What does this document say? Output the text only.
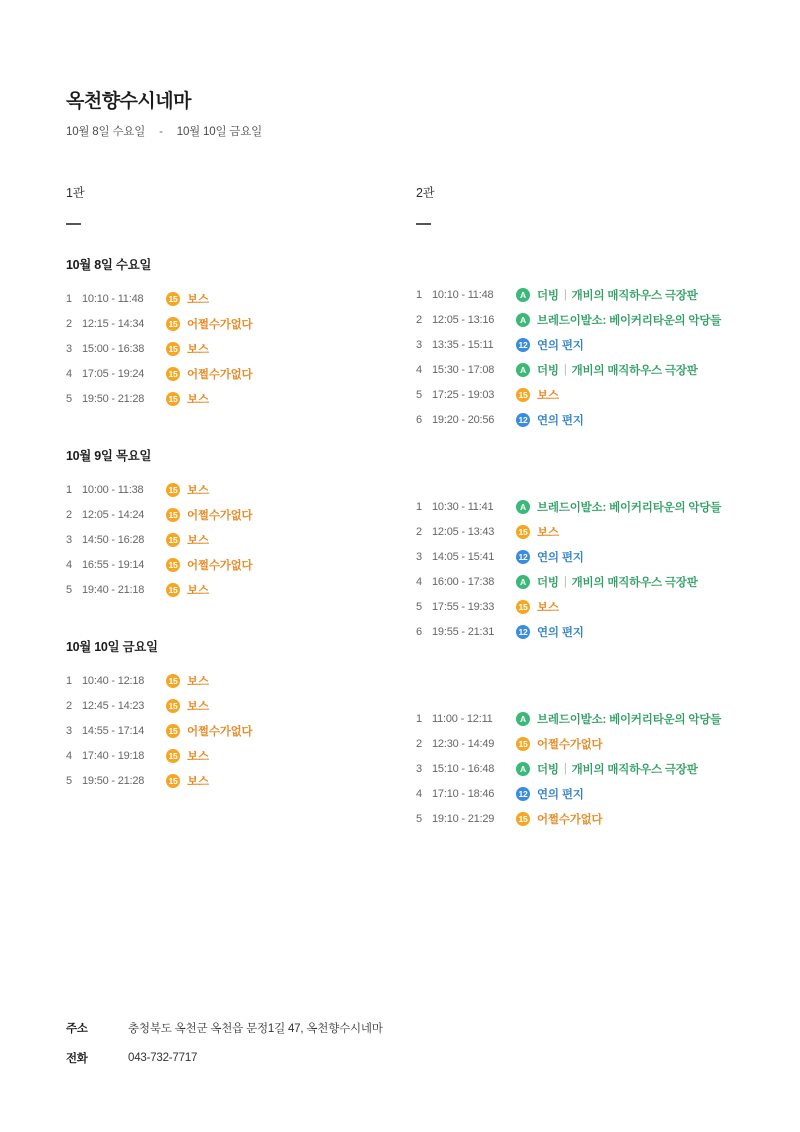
옥천향수시네마
10월 8일 수요일 - 10월 10일 금요일
1관
10월 8일 수요일
1 10:10 - 11:48	15 보스
2 12:15 - 14:34	15 어쩔수가없다
3 15:00 - 16:38	15 보스
4 17:05 - 19:24	15 어쩔수가없다
5 19:50 - 21:28	15 보스
10월 9일 목요일
1 10:00 - 11:38	15 보스
2 12:05 - 14:24	15 어쩔수가없다
3 14:50 - 16:28	15 보스
4 16:55 - 19:14	15 어쩔수가없다
5 19:40 - 21:18	15 보스
10월 10일 금요일
1 10:40 - 12:18	15 보스
2 12:45 - 14:23	15 보스
3 14:55 - 17:14	15 어쩔수가없다
4 17:40 - 19:18	15 보스
5 19:50 - 21:28	15 보스
2관

1 10:10 - 11:48	A 더빙 | 개비의 매직하우스 극장판
2 12:05 - 13:16	A 브레드이발소: 베이커리타운의 악당들
3 13:35 - 15:11	12 연의 편지
4 15:30 - 17:08	A 더빙 | 개비의 매직하우스 극장판
5 17:25 - 19:03	15 보스
6 19:20 - 20:56	12 연의 편지

1 10:30 - 11:41	A 브레드이발소: 베이커리타운의 악당들
2 12:05 - 13:43	15 보스
3 14:05 - 15:41	12 연의 편지
4 16:00 - 17:38	A 더빙 | 개비의 매직하우스 극장판
5 17:55 - 19:33	15 보스
6 19:55 - 21:31	12 연의 편지

1 11:00 - 12:11	A 브레드이발소: 베이커리타운의 악당들
2 12:30 - 14:49	15 어쩔수가없다
3 15:10 - 16:48	A 더빙 | 개비의 매직하우스 극장판
4 17:10 - 18:46	12 연의 편지
5 19:10 - 21:29	15 어쩔수가없다
주소	충청북도 옥천군 옥천읍 문정1길 47, 옥천향수시네마
전화	043-732-7717
